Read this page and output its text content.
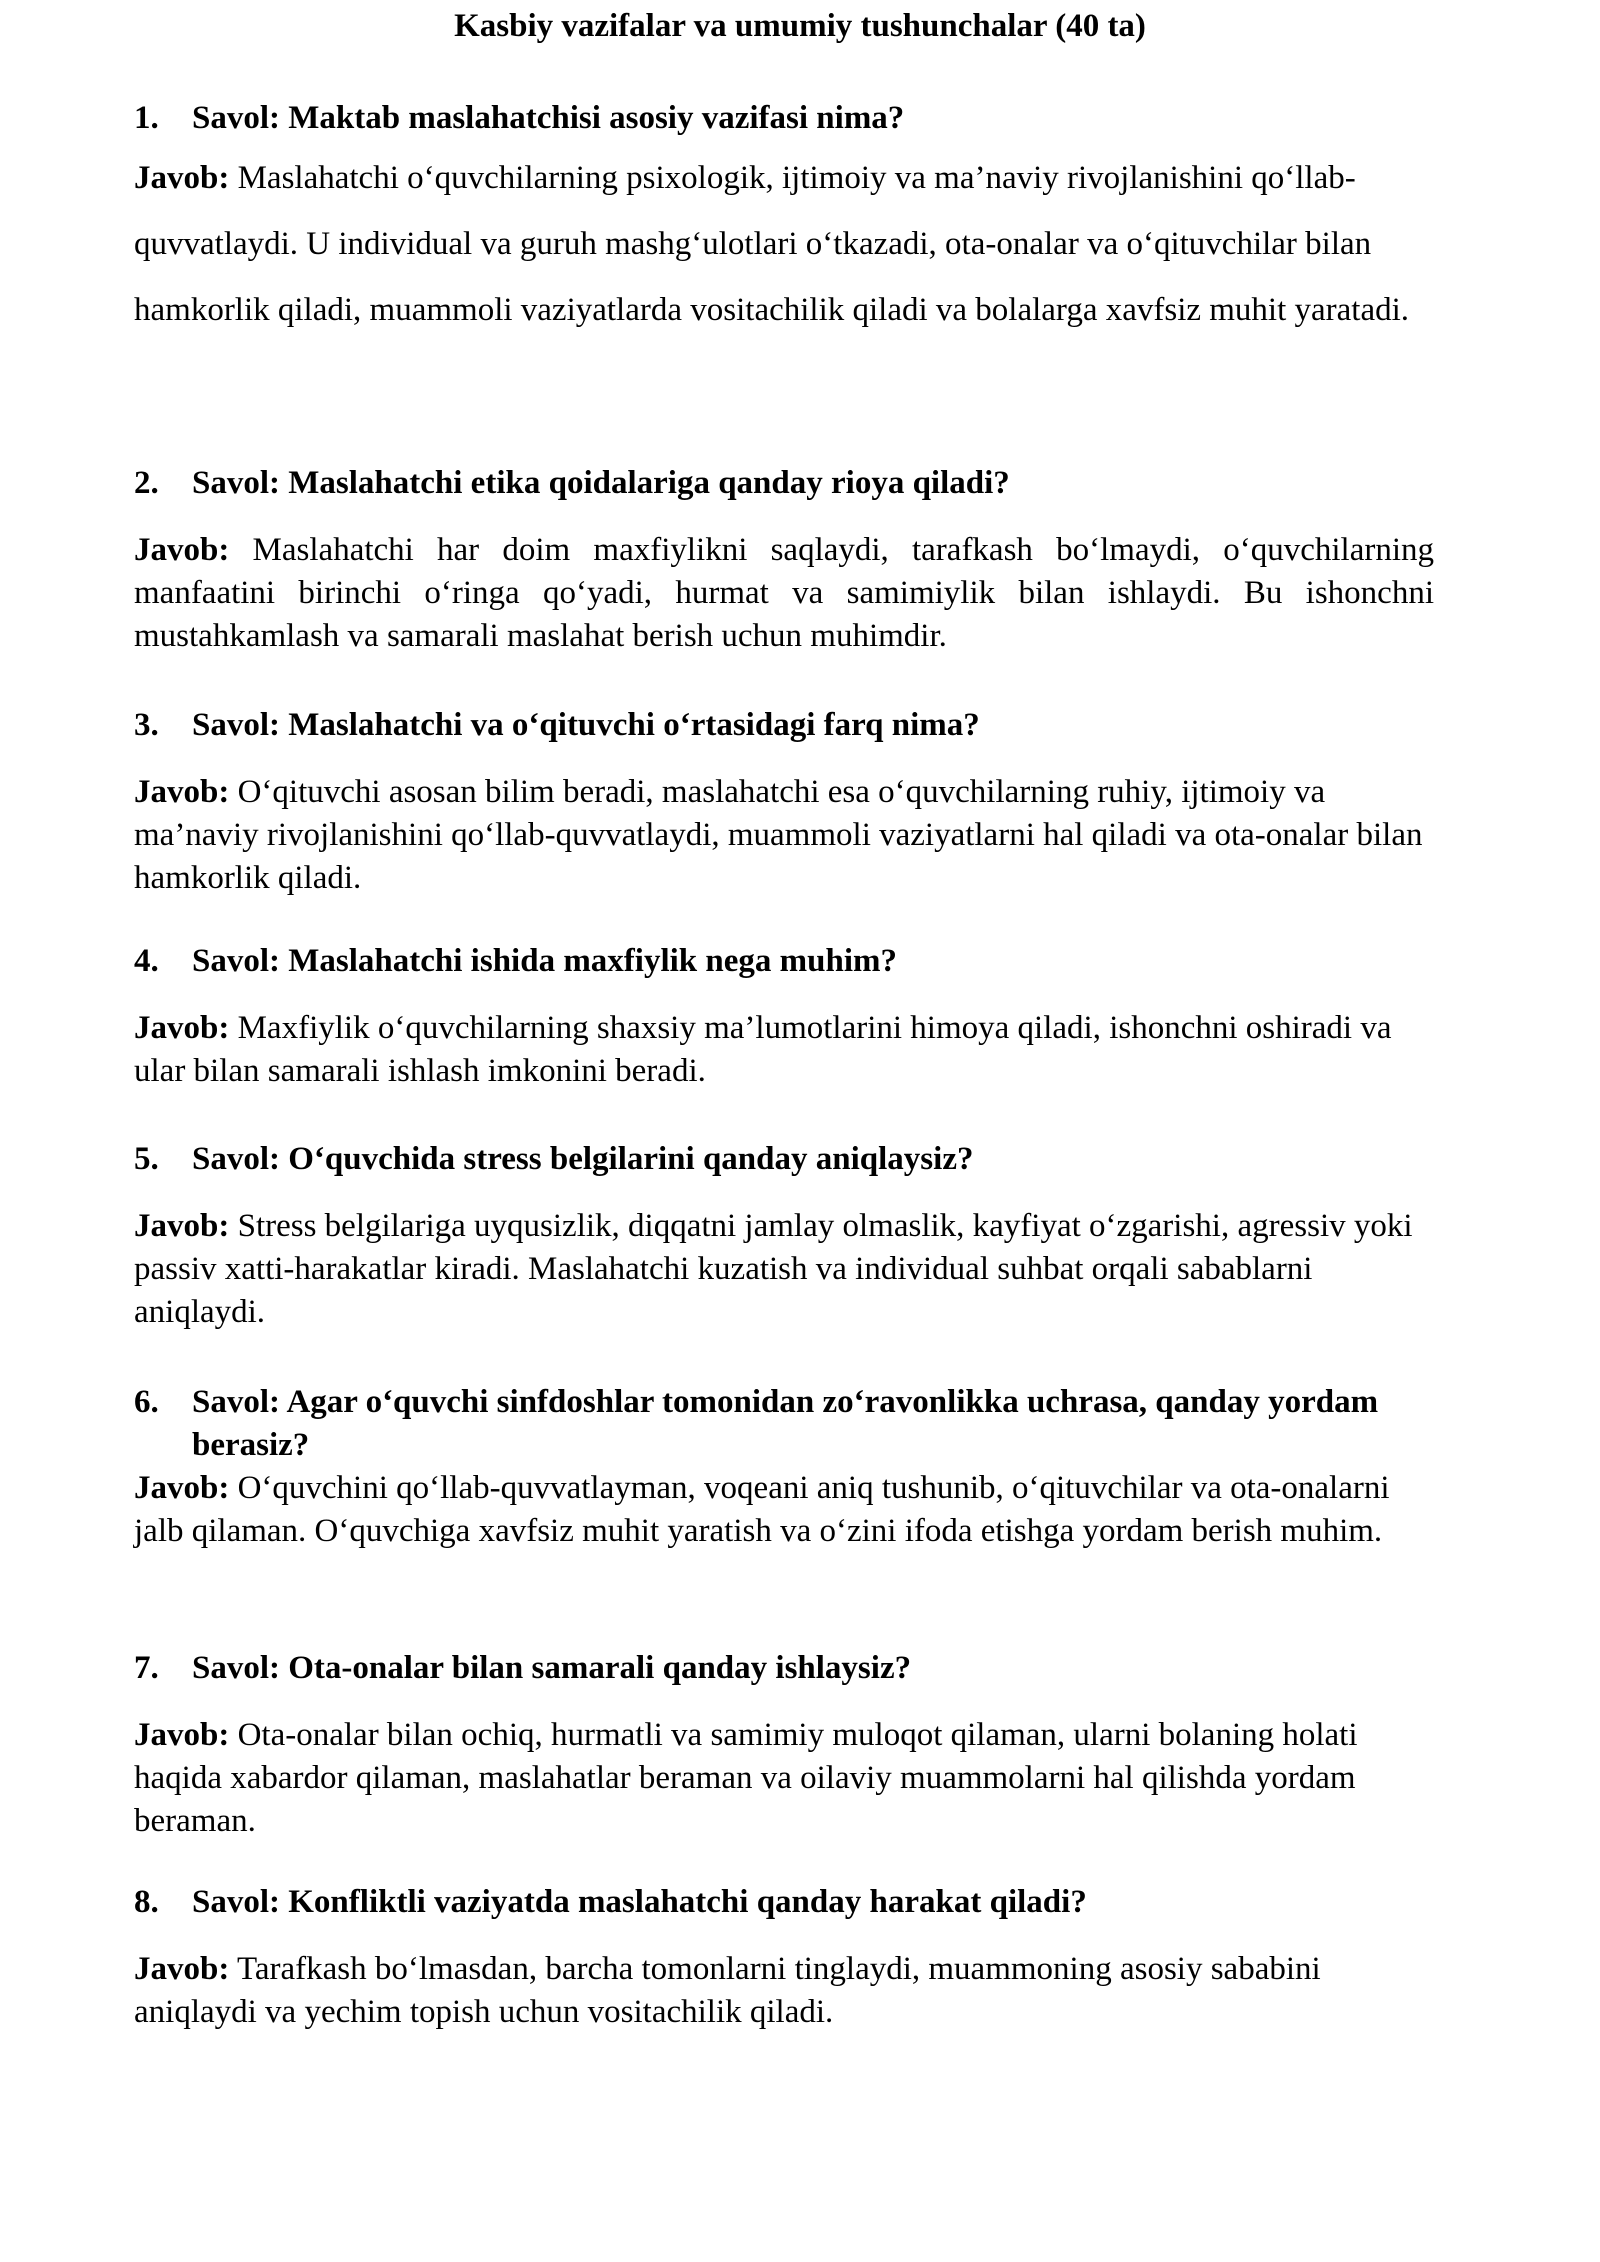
Kasbiy vazifalar va umumiy tushunchalar (40 ta)

1. Savol: Maktab maslahatchisi asosiy vazifasi nima?

Javob: Maslahatchi o‘quvchilarning psixologik, ijtimoiy va ma’naviy rivojlanishini qo‘llab-quvvatlaydi. U individual va guruh mashg‘ulotlari o‘tkazadi, ota-onalar va o‘qituvchilar bilan hamkorlik qiladi, muammoli vaziyatlarda vositachilik qiladi va bolalarga xavfsiz muhit yaratadi.

2. Savol: Maslahatchi etika qoidalariga qanday rioya qiladi?

Javob: Maslahatchi har doim maxfiylikni saqlaydi, tarafkash bo‘lmaydi, o‘quvchilarning manfaatini birinchi o‘ringa qo‘yadi, hurmat va samimiylik bilan ishlaydi. Bu ishonchni mustahkamlash va samarali maslahat berish uchun muhimdir.

3. Savol: Maslahatchi va o‘qituvchi o‘rtasidagi farq nima?

Javob: O‘qituvchi asosan bilim beradi, maslahatchi esa o‘quvchilarning ruhiy, ijtimoiy va ma’naviy rivojlanishini qo‘llab-quvvatlaydi, muammoli vaziyatlarni hal qiladi va ota-onalar bilan hamkorlik qiladi.

4. Savol: Maslahatchi ishida maxfiylik nega muhim?

Javob: Maxfiylik o‘quvchilarning shaxsiy ma’lumotlarini himoya qiladi, ishonchni oshiradi va ular bilan samarali ishlash imkonini beradi.

5. Savol: O‘quvchida stress belgilarini qanday aniqlaysiz?

Javob: Stress belgilariga uyqusizlik, diqqatni jamlay olmaslik, kayfiyat o‘zgarishi, agressiv yoki passiv xatti-harakatlar kiradi. Maslahatchi kuzatish va individual suhbat orqali sabablarni aniqlaydi.

6. Savol: Agar o‘quvchi sinfdoshlar tomonidan zo‘ravonlikka uchrasa, qanday yordam berasiz?

Javob: O‘quvchini qo‘llab-quvvatlayman, voqeani aniq tushunib, o‘qituvchilar va ota-onalarni jalb qilaman. O‘quvchiga xavfsiz muhit yaratish va o‘zini ifoda etishga yordam berish muhim.

7. Savol: Ota-onalar bilan samarali qanday ishlaysiz?

Javob: Ota-onalar bilan ochiq, hurmatli va samimiy muloqot qilaman, ularni bolaning holati haqida xabardor qilaman, maslahatlar beraman va oilaviy muammolarni hal qilishda yordam beraman.

8. Savol: Konfliktli vaziyatda maslahatchi qanday harakat qiladi?

Javob: Tarafkash bo‘lmasdan, barcha tomonlarni tinglaydi, muammoning asosiy sababini aniqlaydi va yechim topish uchun vositachilik qiladi.
